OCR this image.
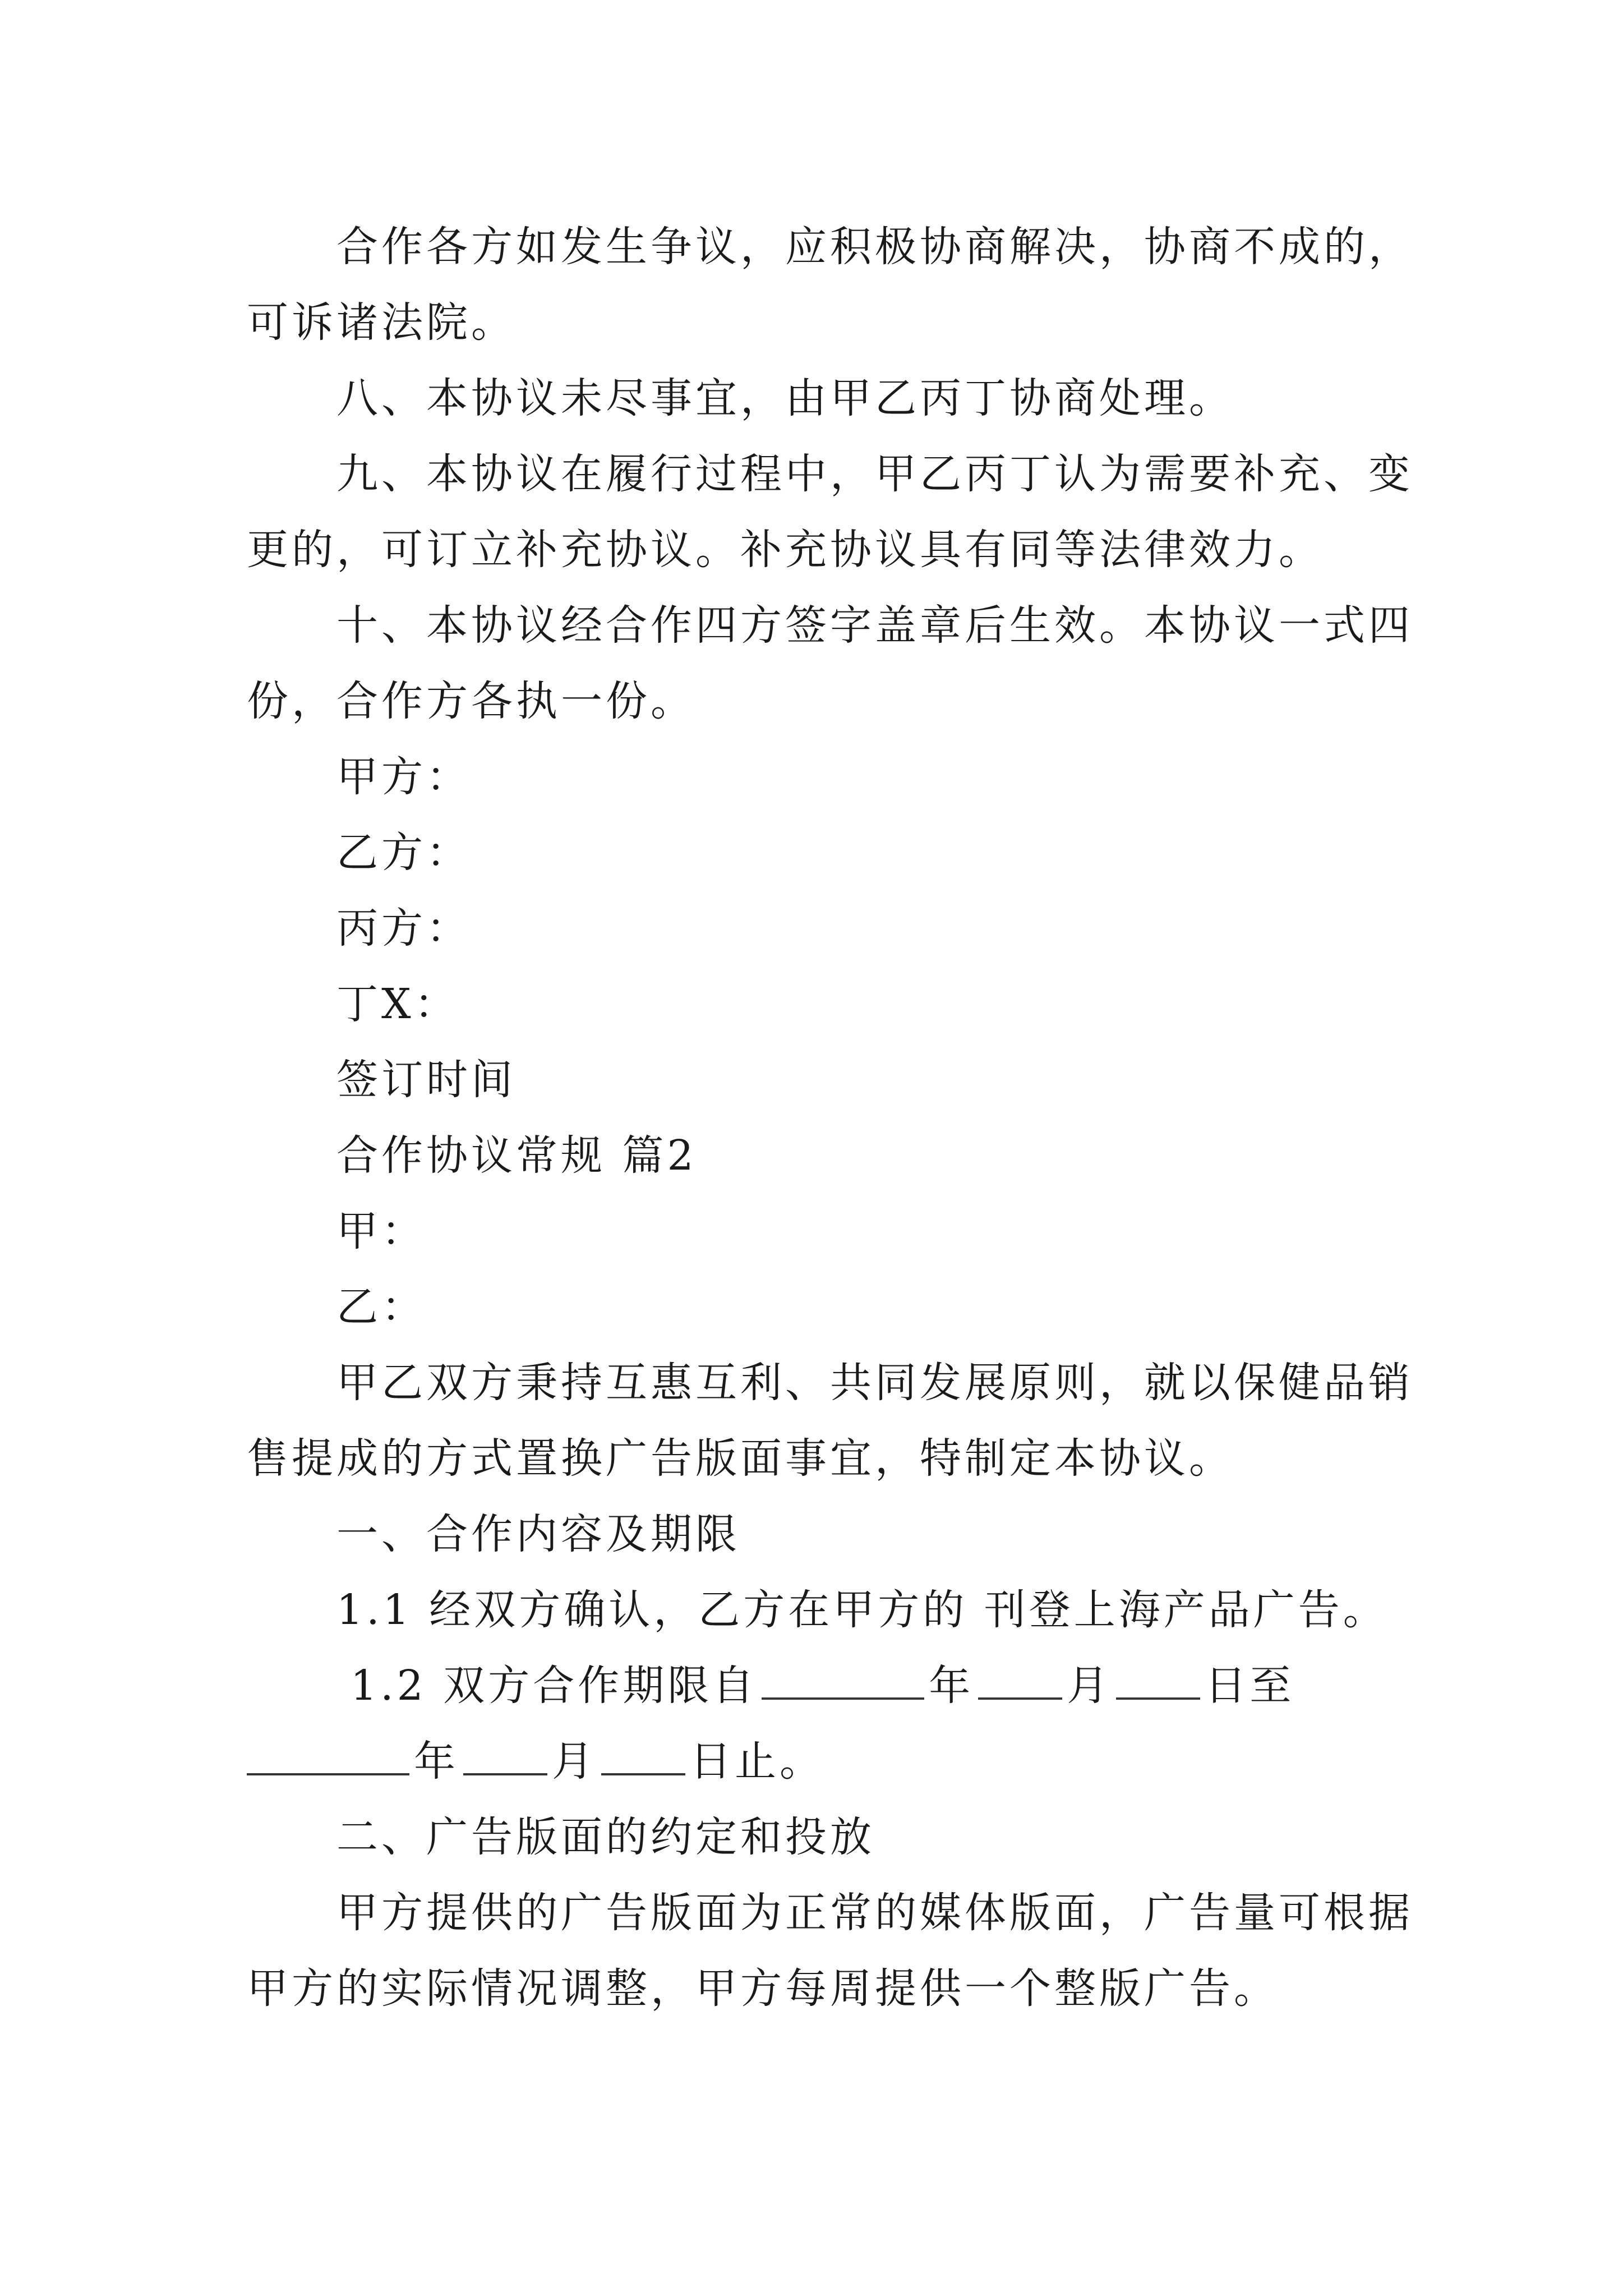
合作各方如发生争议，应积极协商解决，协商不成的，
可诉诸法院。
八、本协议未尽事宜，由甲乙丙丁协商处理。
九、本协议在履行过程中，甲乙丙丁认为需要补充、变
更的，可订立补充协议。补充协议具有同等法律效力。
十、本协议经合作四方签字盖章后生效。本协议一式四
份，合作方各执一份。
甲方：
乙方：
丙方：
丁X：
签订时间
合作协议常规 篇2
甲：
乙：
甲乙双方秉持互惠互利、共同发展原则，就以保健品销
售提成的方式置换广告版面事宜，特制定本协议。
一、合作内容及期限
1.1 经双方确认，乙方在甲方的 刊登上海产品广告。
1.2 双方合作期限自	年 月 日至
年 月 日止。
二、广告版面的约定和投放
甲方提供的广告版面为正常的媒体版面，广告量可根据
甲方的实际情况调整，甲方每周提供一个整版广告。
